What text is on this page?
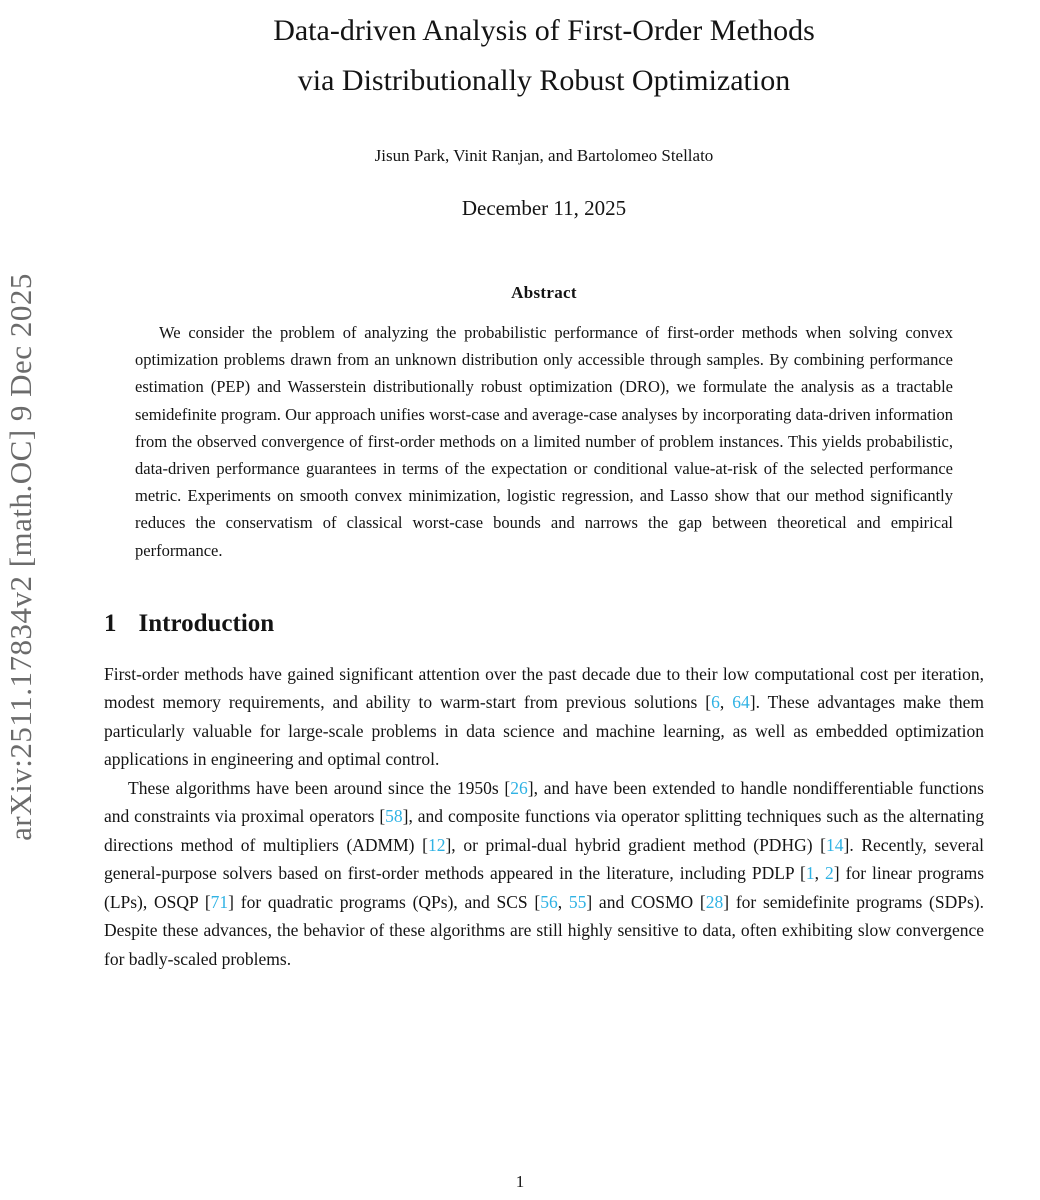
arXiv:2511.17834v2 [math.OC] 9 Dec 2025
Data-driven Analysis of First-Order Methods
via Distributionally Robust Optimization
Jisun Park, Vinit Ranjan, and Bartolomeo Stellato
December 11, 2025
Abstract

We consider the problem of analyzing the probabilistic performance of first-order methods when solving convex optimization problems drawn from an unknown distribution only accessible through samples. By combining performance estimation (PEP) and Wasserstein distributionally robust optimization (DRO), we formulate the analysis as a tractable semidefinite program. Our approach unifies worst-case and average-case analyses by incorporating data-driven information from the observed convergence of first-order methods on a limited number of problem instances. This yields probabilistic, data-driven performance guarantees in terms of the expectation or conditional value-at-risk of the selected performance metric. Experiments on smooth convex minimization, logistic regression, and Lasso show that our method significantly reduces the conservatism of classical worst-case bounds and narrows the gap between theoretical and empirical performance.

1 Introduction

First-order methods have gained significant attention over the past decade due to their low computational cost per iteration, modest memory requirements, and ability to warm-start from previous solutions [6, 64]. These advantages make them particularly valuable for large-scale problems in data science and machine learning, as well as embedded optimization applications in engineering and optimal control.

These algorithms have been around since the 1950s [26], and have been extended to handle nondifferentiable functions and constraints via proximal operators [58], and composite functions via operator splitting techniques such as the alternating directions method of multipliers (ADMM) [12], or primal-dual hybrid gradient method (PDHG) [14]. Recently, several general-purpose solvers based on first-order methods appeared in the literature, including PDLP [1, 2] for linear programs (LPs), OSQP [71] for quadratic programs (QPs), and SCS [56, 55] and COSMO [28] for semidefinite programs (SDPs). Despite these advances, the behavior of these algorithms are still highly sensitive to data, often exhibiting slow convergence for badly-scaled problems.

1
